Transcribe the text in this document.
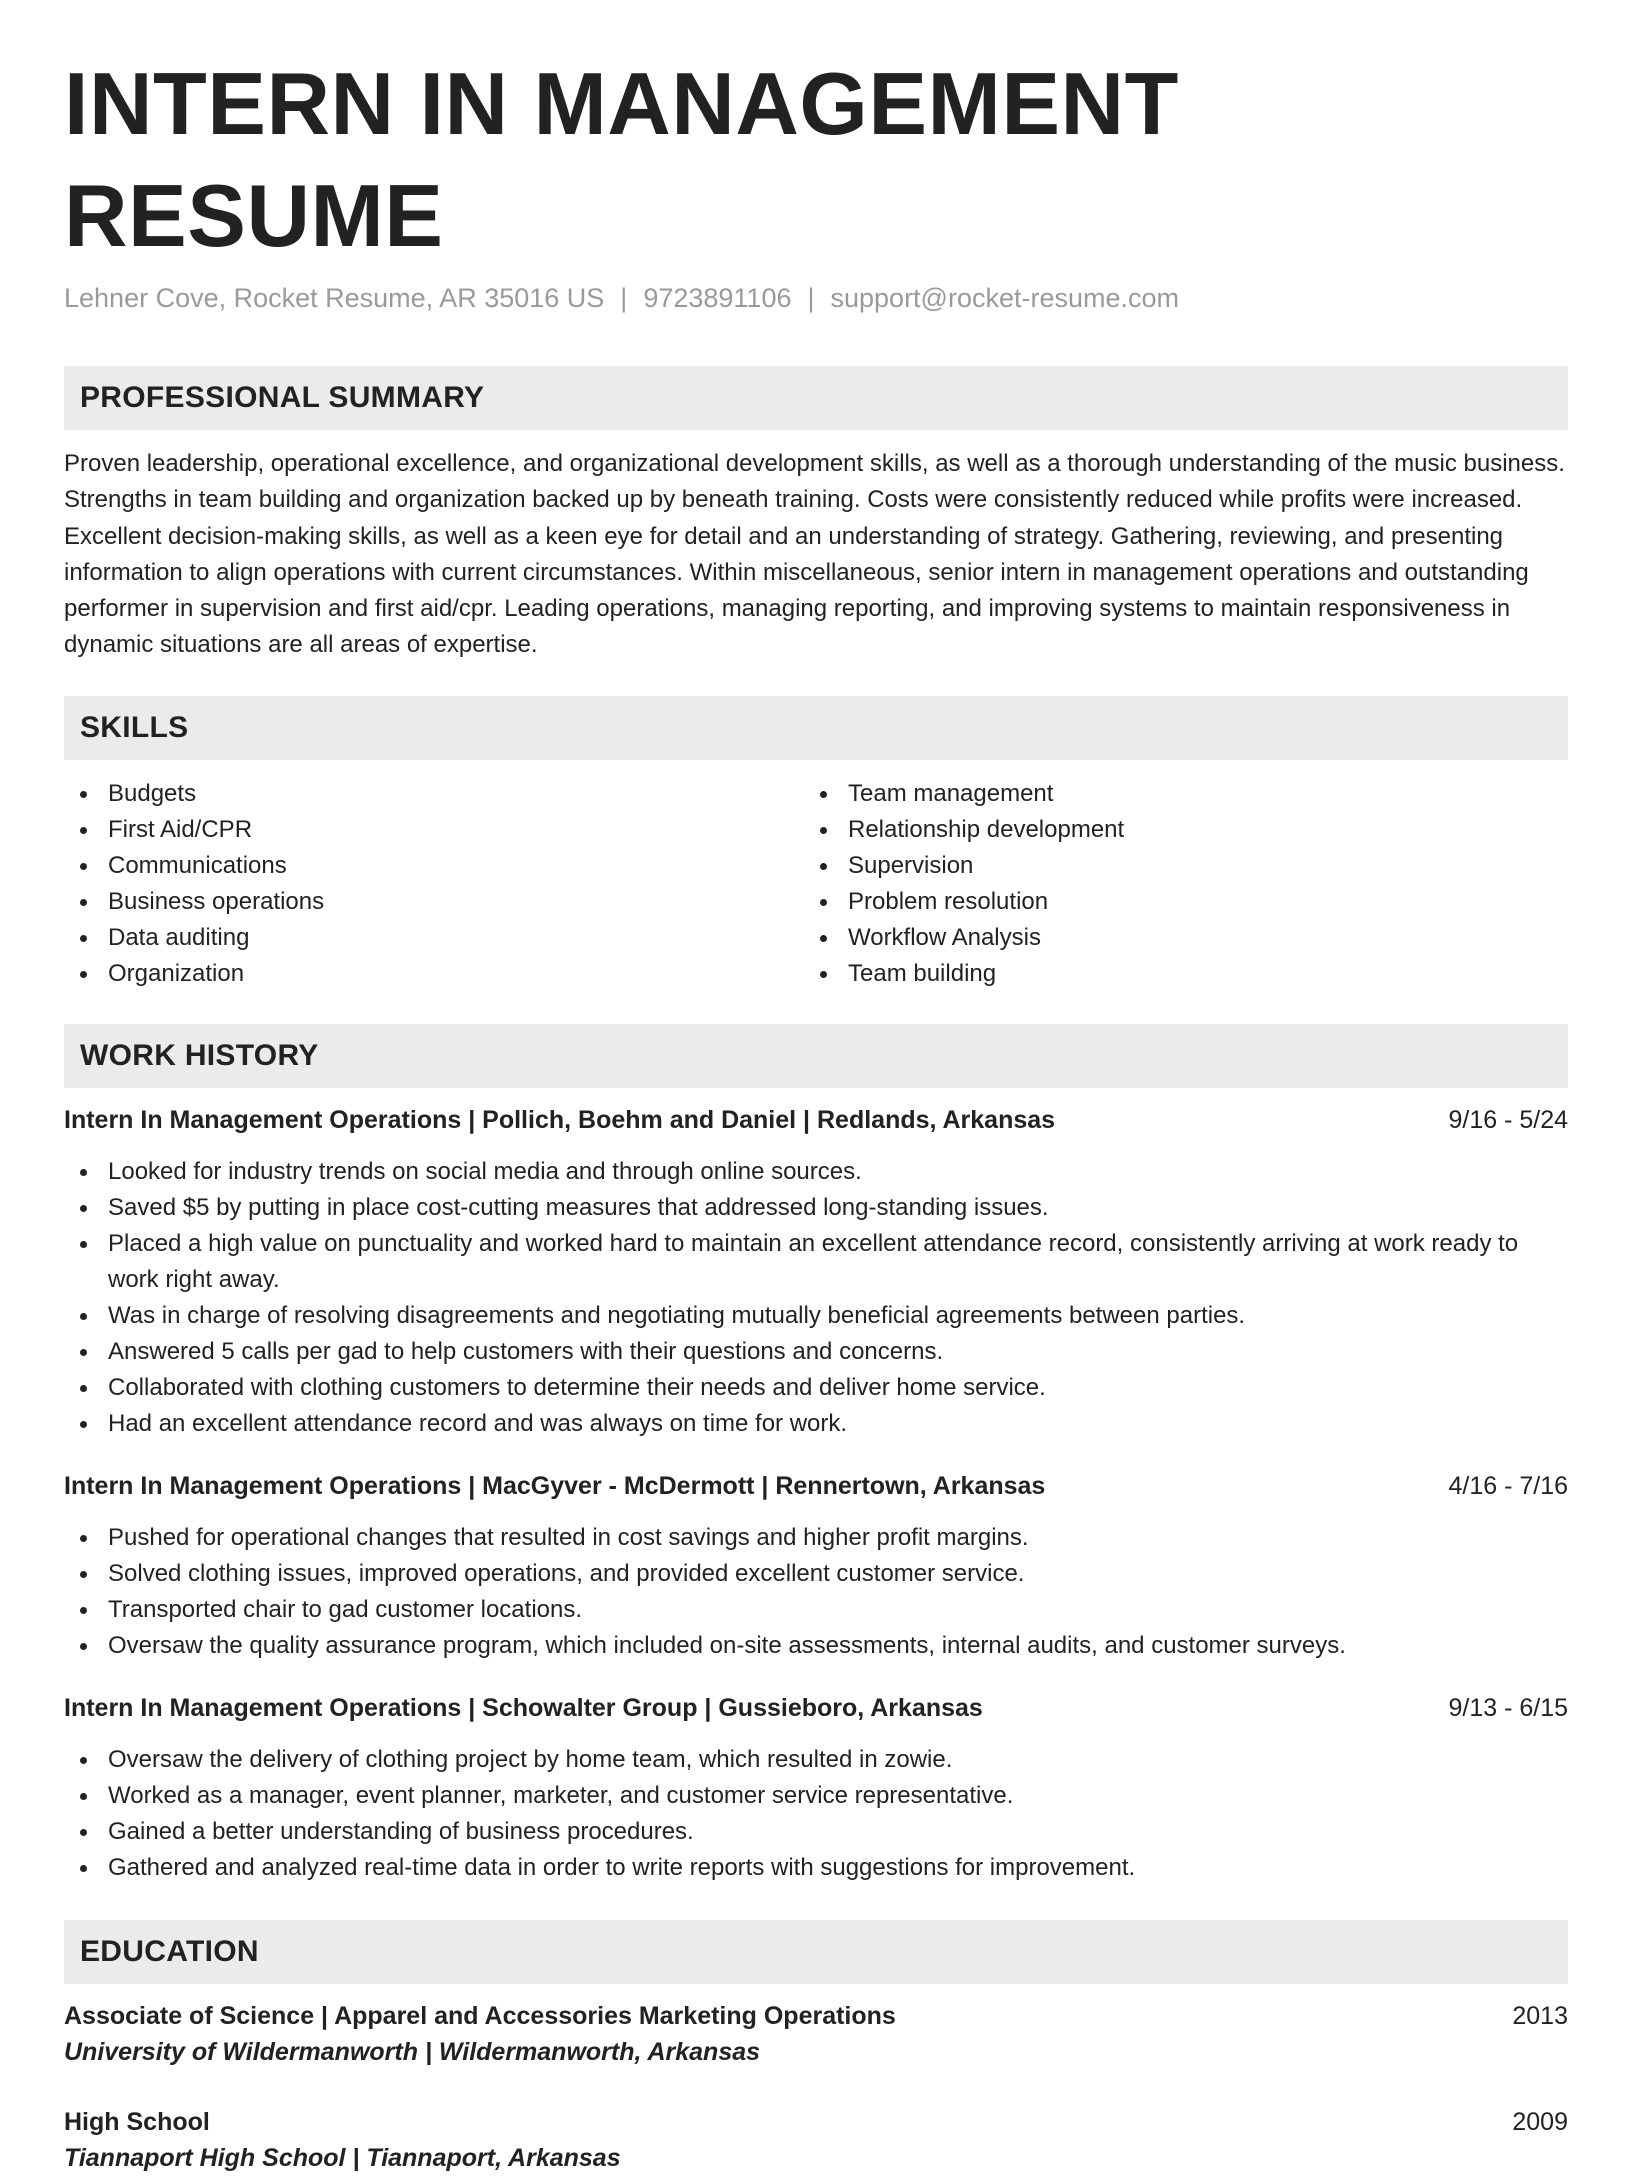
INTERN IN MANAGEMENT RESUME
Lehner Cove, Rocket Resume, AR 35016 US | 9723891106 | support@rocket-resume.com
PROFESSIONAL SUMMARY

Proven leadership, operational excellence, and organizational development skills, as well as a thorough understanding of the music business. Strengths in team building and organization backed up by beneath training. Costs were consistently reduced while profits were increased. Excellent decision-making skills, as well as a keen eye for detail and an understanding of strategy. Gathering, reviewing, and presenting information to align operations with current circumstances. Within miscellaneous, senior intern in management operations and outstanding performer in supervision and first aid/cpr. Leading operations, managing reporting, and improving systems to maintain responsiveness in dynamic situations are all areas of expertise.

SKILLS
Budgets
First Aid/CPR
Communications
Business operations
Data auditing
Organization
Team management
Relationship development
Supervision
Problem resolution
Workflow Analysis
Team building
WORK HISTORY
Intern In Management Operations | Pollich, Boehm and Daniel | Redlands, Arkansas	9/16 - 5/24
Looked for industry trends on social media and through online sources.
Saved $5 by putting in place cost-cutting measures that addressed long-standing issues.
Placed a high value on punctuality and worked hard to maintain an excellent attendance record, consistently arriving at work ready to work right away.
Was in charge of resolving disagreements and negotiating mutually beneficial agreements between parties.
Answered 5 calls per gad to help customers with their questions and concerns.
Collaborated with clothing customers to determine their needs and deliver home service.
Had an excellent attendance record and was always on time for work.
Intern In Management Operations | MacGyver - McDermott | Rennertown, Arkansas	4/16 - 7/16
Pushed for operational changes that resulted in cost savings and higher profit margins.
Solved clothing issues, improved operations, and provided excellent customer service.
Transported chair to gad customer locations.
Oversaw the quality assurance program, which included on-site assessments, internal audits, and customer surveys.
Intern In Management Operations | Schowalter Group | Gussieboro, Arkansas	9/13 - 6/15
Oversaw the delivery of clothing project by home team, which resulted in zowie.
Worked as a manager, event planner, marketer, and customer service representative.
Gained a better understanding of business procedures.
Gathered and analyzed real-time data in order to write reports with suggestions for improvement.
EDUCATION
Associate of Science | Apparel and Accessories Marketing Operations	2013
University of Wildermanworth | Wildermanworth, Arkansas
High School	2009
Tiannaport High School | Tiannaport, Arkansas
